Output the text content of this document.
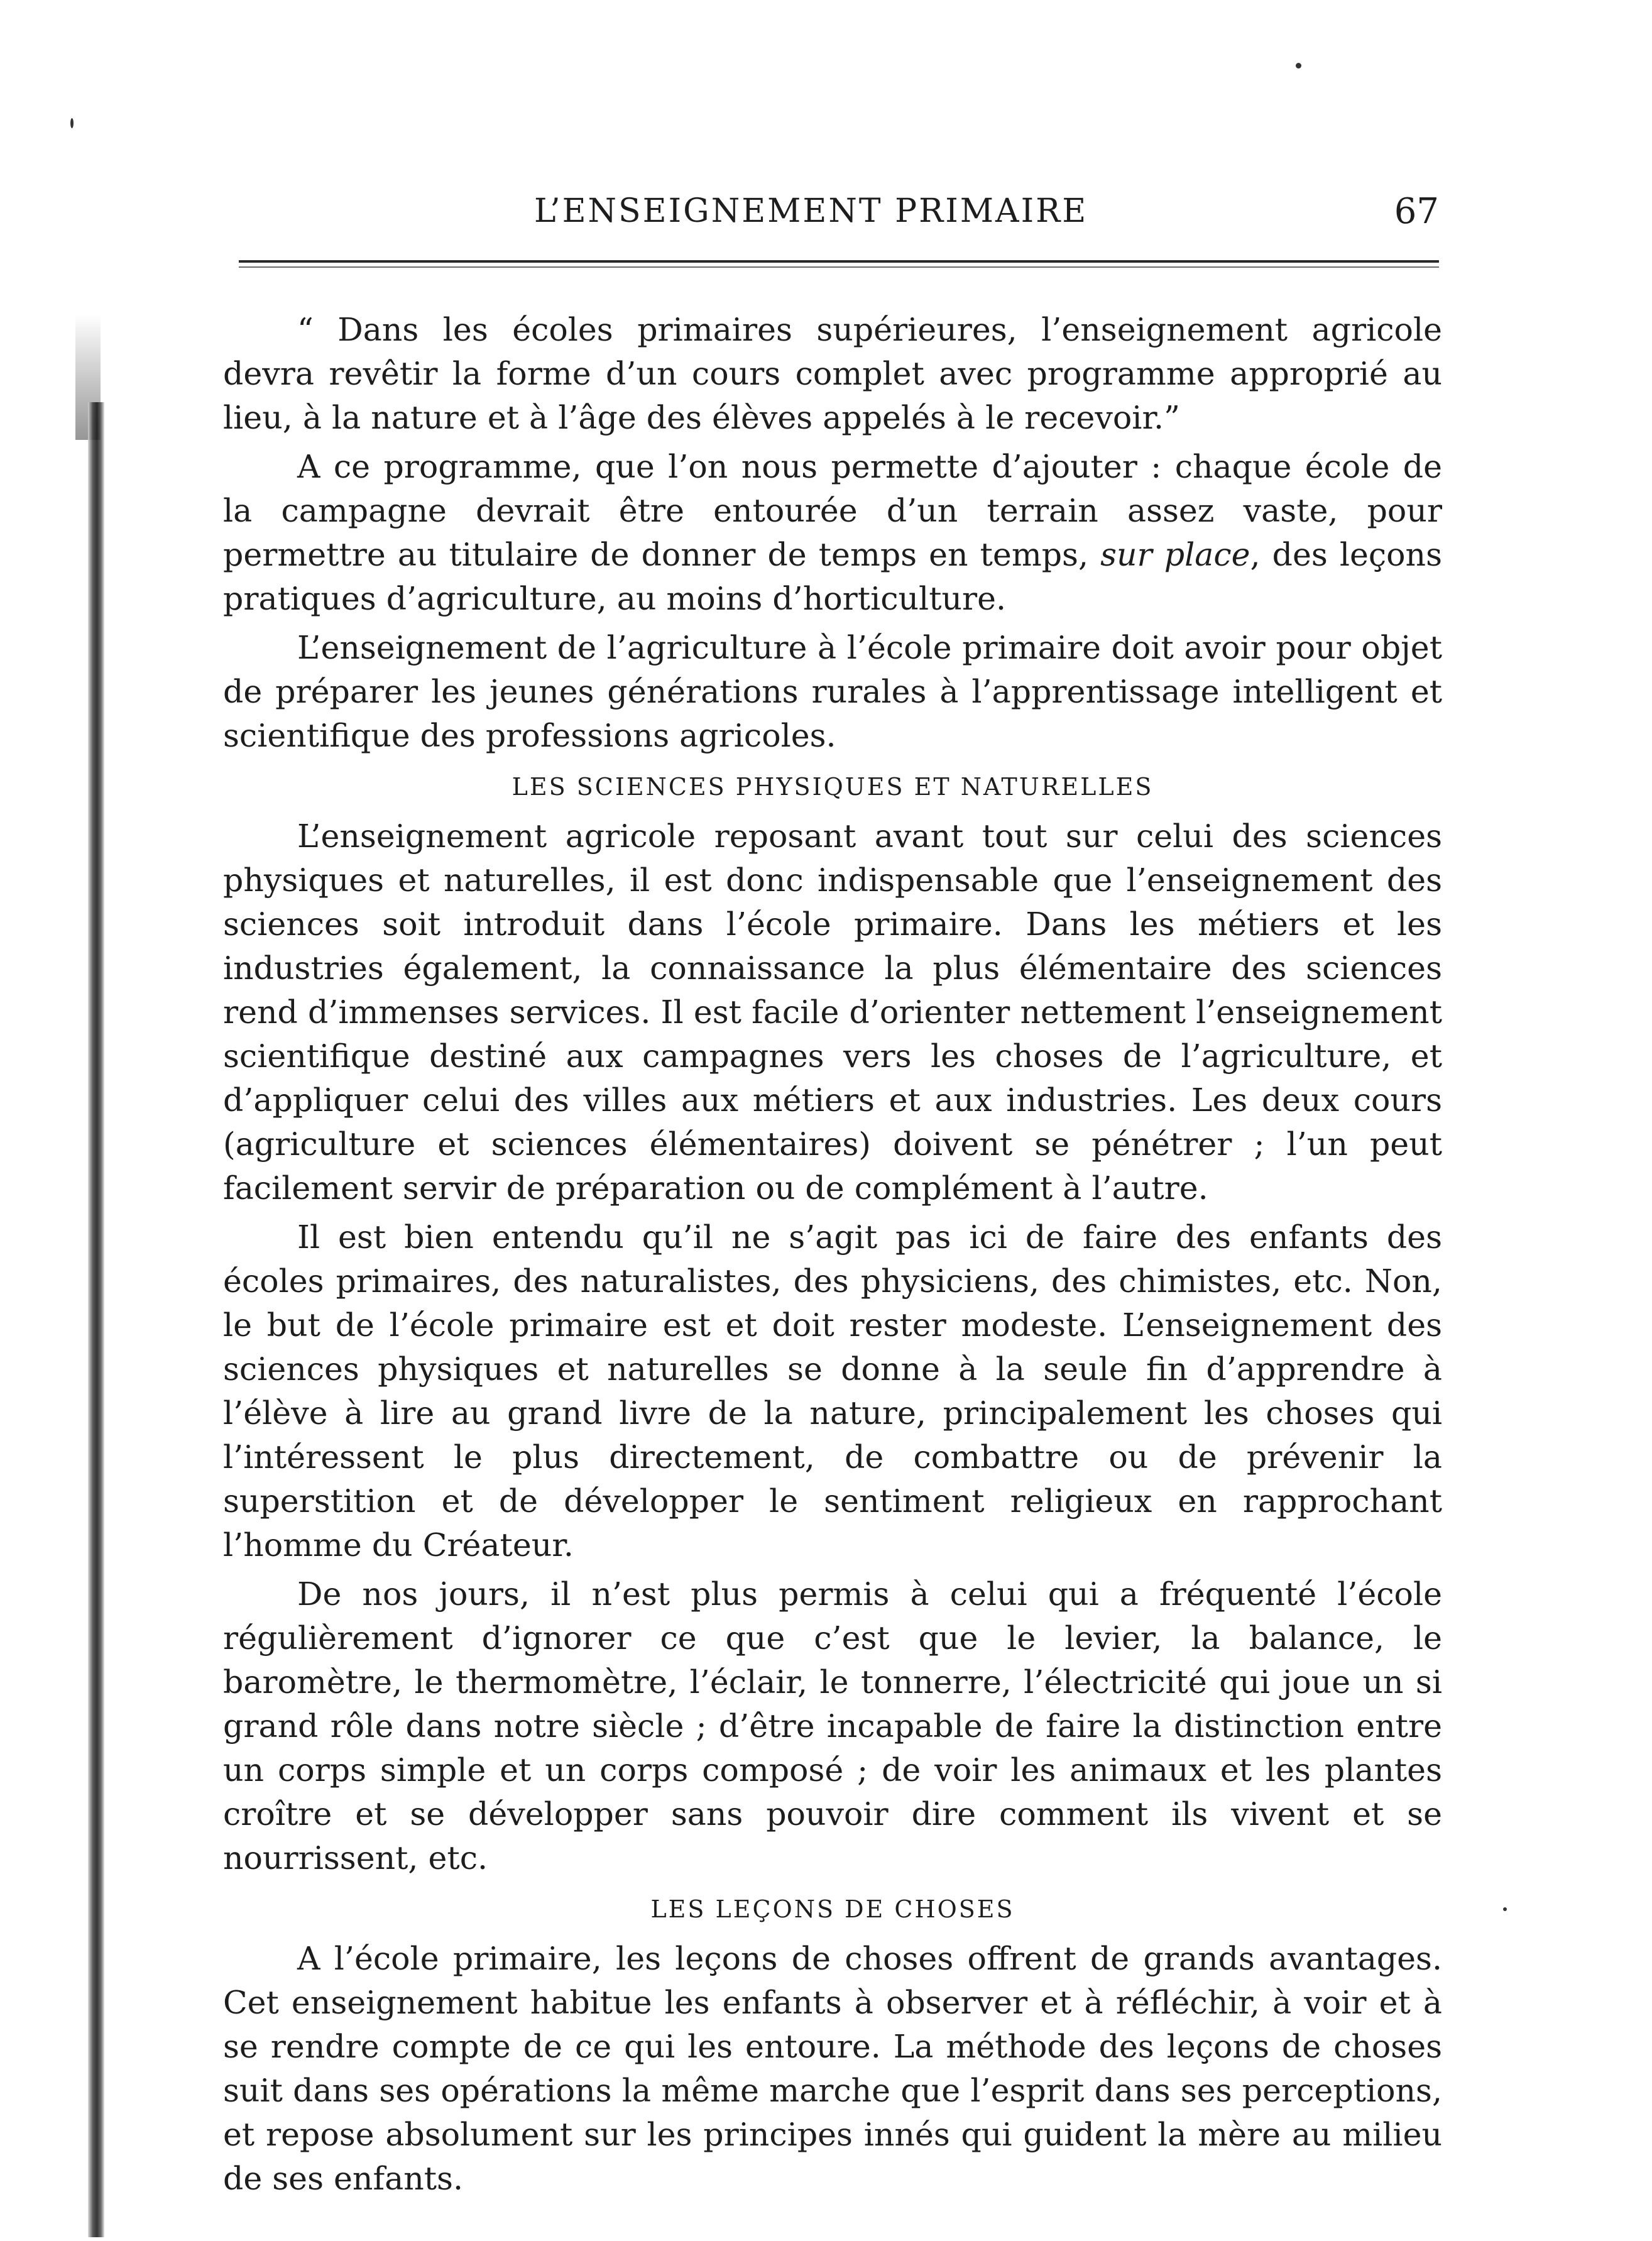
L’ENSEIGNEMENT PRIMAIRE	67

“ Dans les écoles primaires supérieures, l’enseignement agricole devra revêtir la forme d’un cours complet avec programme approprié au lieu, à la nature et à l’âge des élèves appelés à le recevoir.”

A ce programme, que l’on nous permette d’ajouter : chaque école de la campagne devrait être entourée d’un terrain assez vaste, pour permettre au titulaire de donner de temps en temps, sur place, des leçons pratiques d’agriculture, au moins d’horticulture.

L’enseignement de l’agriculture à l’école primaire doit avoir pour objet de préparer les jeunes générations rurales à l’apprentissage intelligent et scientifique des professions agricoles.

LES SCIENCES PHYSIQUES ET NATURELLES

L’enseignement agricole reposant avant tout sur celui des sciences physiques et naturelles, il est donc indispensable que l’enseignement des sciences soit introduit dans l’école primaire. Dans les métiers et les industries également, la connaissance la plus élémentaire des sciences rend d’immenses services. Il est facile d’orienter nettement l’enseignement scientifique destiné aux campagnes vers les choses de l’agriculture, et d’appliquer celui des villes aux métiers et aux industries. Les deux cours (agriculture et sciences élémentaires) doivent se pénétrer ; l’un peut facilement servir de préparation ou de complément à l’autre.

Il est bien entendu qu’il ne s’agit pas ici de faire des enfants des écoles primaires, des naturalistes, des physiciens, des chimistes, etc. Non, le but de l’école primaire est et doit rester modeste. L’enseignement des sciences physiques et naturelles se donne à la seule fin d’apprendre à l’élève à lire au grand livre de la nature, principalement les choses qui l’intéressent le plus directement, de combattre ou de prévenir la superstition et de développer le sentiment religieux en rapprochant l’homme du Créateur.

De nos jours, il n’est plus permis à celui qui a fréquenté l’école régulièrement d’ignorer ce que c’est que le levier, la balance, le baromètre, le thermomètre, l’éclair, le tonnerre, l’électricité qui joue un si grand rôle dans notre siècle ; d’être incapable de faire la distinction entre un corps simple et un corps composé ; de voir les animaux et les plantes croître et se développer sans pouvoir dire comment ils vivent et se nourrissent, etc.

LES LEÇONS DE CHOSES

A l’école primaire, les leçons de choses offrent de grands avantages. Cet enseignement habitue les enfants à observer et à réfléchir, à voir et à se rendre compte de ce qui les entoure. La méthode des leçons de choses suit dans ses opérations la même marche que l’esprit dans ses perceptions, et repose absolument sur les principes innés qui guident la mère au milieu de ses enfants.
